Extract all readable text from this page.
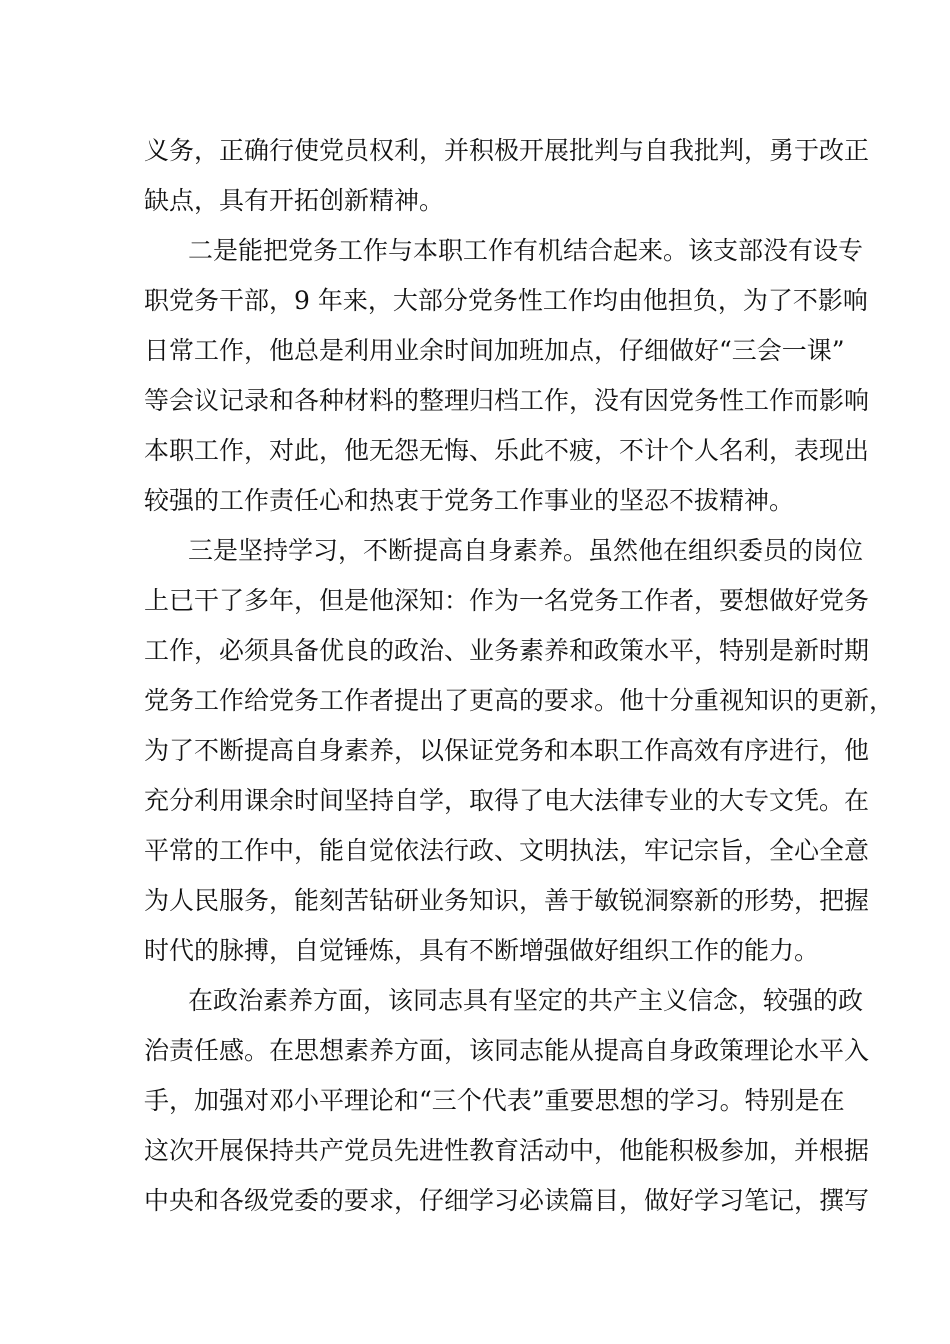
义务，正确行使党员权利，并积极开展批判与自我批判，勇于改正
缺点，具有开拓创新精神。
二是能把党务工作与本职工作有机结合起来。该支部没有设专
职党务干部，9 年来，大部分党务性工作均由他担负，为了不影响
日常工作，他总是利用业余时间加班加点，仔细做好“三会一课”
等会议记录和各种材料的整理归档工作，没有因党务性工作而影响
本职工作，对此，他无怨无悔、乐此不疲，不计个人名利，表现出
较强的工作责任心和热衷于党务工作事业的坚忍不拔精神。
三是坚持学习，不断提高自身素养。虽然他在组织委员的岗位
上已干了多年，但是他深知：作为一名党务工作者，要想做好党务
工作，必须具备优良的政治、业务素养和政策水平，特别是新时期
党务工作给党务工作者提出了更高的要求。他十分重视知识的更新，
为了不断提高自身素养，以保证党务和本职工作高效有序进行，他
充分利用课余时间坚持自学，取得了电大法律专业的大专文凭。在
平常的工作中，能自觉依法行政、文明执法，牢记宗旨，全心全意
为人民服务，能刻苦钻研业务知识，善于敏锐洞察新的形势，把握
时代的脉搏，自觉锤炼，具有不断增强做好组织工作的能力。
在政治素养方面，该同志具有坚定的共产主义信念，较强的政
治责任感。在思想素养方面，该同志能从提高自身政策理论水平入
手，加强对邓小平理论和“三个代表”重要思想的学习。特别是在
这次开展保持共产党员先进性教育活动中，他能积极参加，并根据
中央和各级党委的要求，仔细学习必读篇目，做好学习笔记，撰写
